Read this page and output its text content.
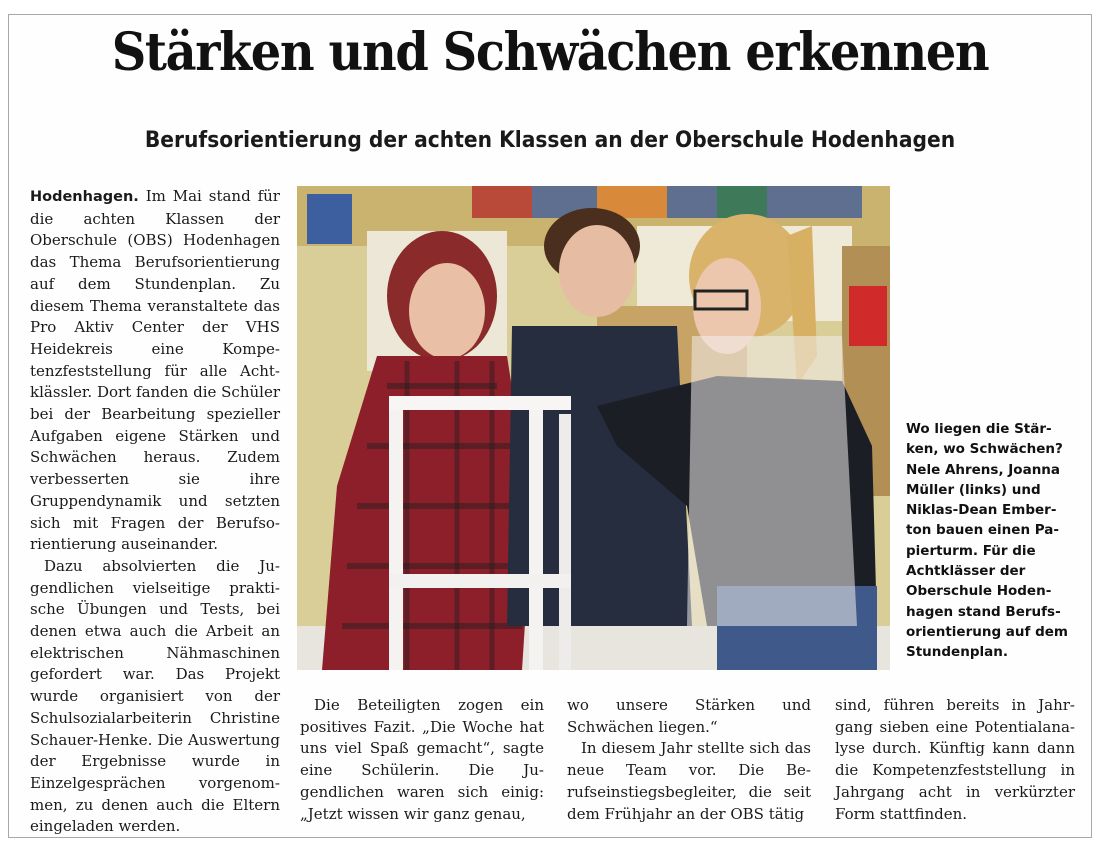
Stärken und Schwächen erkennen
Berufsorientierung der achten Klassen an der Oberschule Hodenhagen

Hodenhagen. Im Mai stand für die achten Klassen der Oberschule (OBS) Hodenhagen das Thema Berufsorientierung auf dem Stundenplan. Zu diesem Thema veranstaltete das Pro Aktiv Center der VHS Heidekreis eine Kompetenzfeststellung für alle Achtklässler. Dort fanden die Schüler bei der Bearbeitung spezieller Aufgaben eigene Stärken und Schwächen heraus. Zudem verbesserten sie ihre Gruppendynamik und setzten sich mit Fragen der Berufsorientierung auseinander.

Dazu absolvierten die Jugendlichen vielseitige praktische Übungen und Tests, bei denen etwa auch die Arbeit an elektrischen Nähmaschinen gefordert war. Das Projekt wurde organisiert von der Schulsozialarbeiterin Christine Schauer-Henke. Die Auswertung der Ergebnisse wurde in Einzelgesprächen vorgenommen, zu denen auch die Eltern eingeladen werden.

Wo liegen die Stärken, wo Schwächen? Nele Ahrens, Joanna Müller (links) und Niklas-Dean Emberton bauen einen Papierturm. Für die Achtklässer der Oberschule Hodenhagen stand Berufsorientierung auf dem Stundenplan.

Die Beteiligten zogen ein positives Fazit. „Die Woche hat uns viel Spaß gemacht“, sagte eine Schülerin. Die Jugendlichen waren sich einig: „Jetzt wissen wir ganz genau,

wo unsere Stärken und Schwächen liegen.“

In diesem Jahr stellte sich das neue Team vor. Die Berufseinstiegsbegleiter, die seit dem Frühjahr an der OBS tätig

sind, führen bereits in Jahrgang sieben eine Potentialanalyse durch. Künftig kann dann die Kompetenzfeststellung in Jahrgang acht in verkürzter Form stattfinden.
